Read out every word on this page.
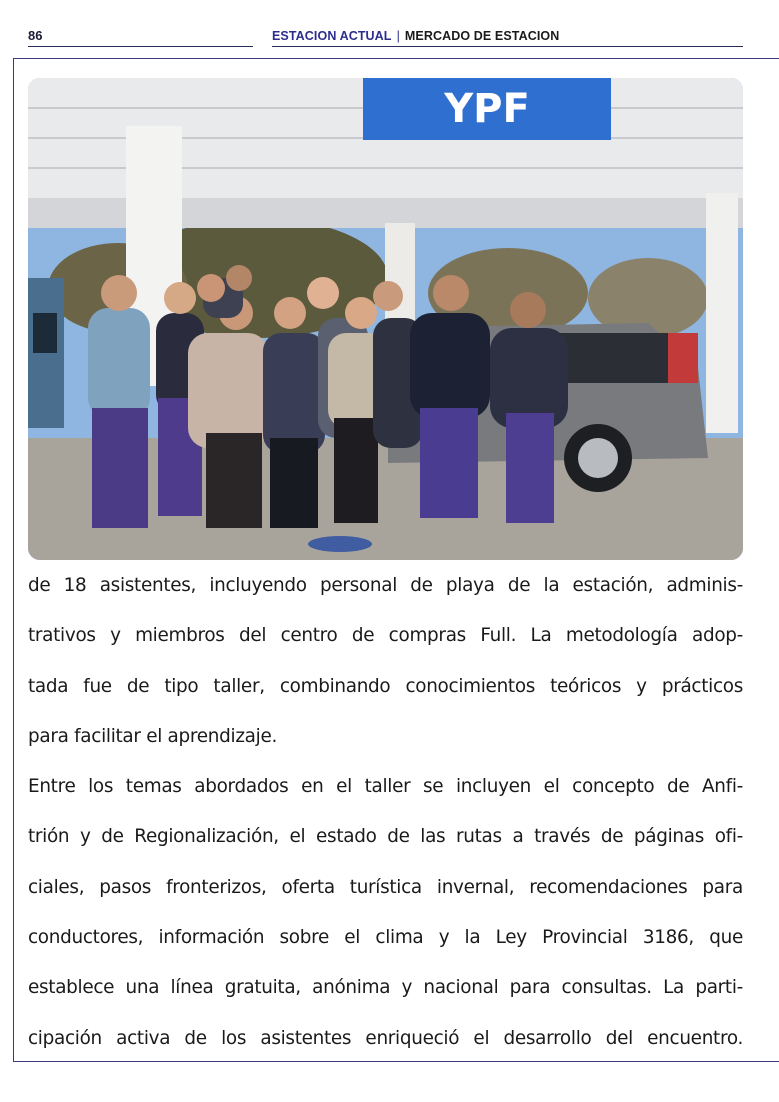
86	ESTACION ACTUAL | MERCADO DE ESTACION
YPF

de 18 asistentes, incluyendo personal de playa de la estación, adminis-
trativos y miembros del centro de compras Full. La metodología adop-
tada fue de tipo taller, combinando conocimientos teóricos y prácticos
para facilitar el aprendizaje.

Entre los temas abordados en el taller se incluyen el concepto de Anfi-
trión y de Regionalización, el estado de las rutas a través de páginas ofi-
ciales, pasos fronterizos, oferta turística invernal, recomendaciones para
conductores, información sobre el clima y la Ley Provincial 3186, que
establece una línea gratuita, anónima y nacional para consultas. La parti-
cipación activa de los asistentes enriqueció el desarrollo del encuentro.
